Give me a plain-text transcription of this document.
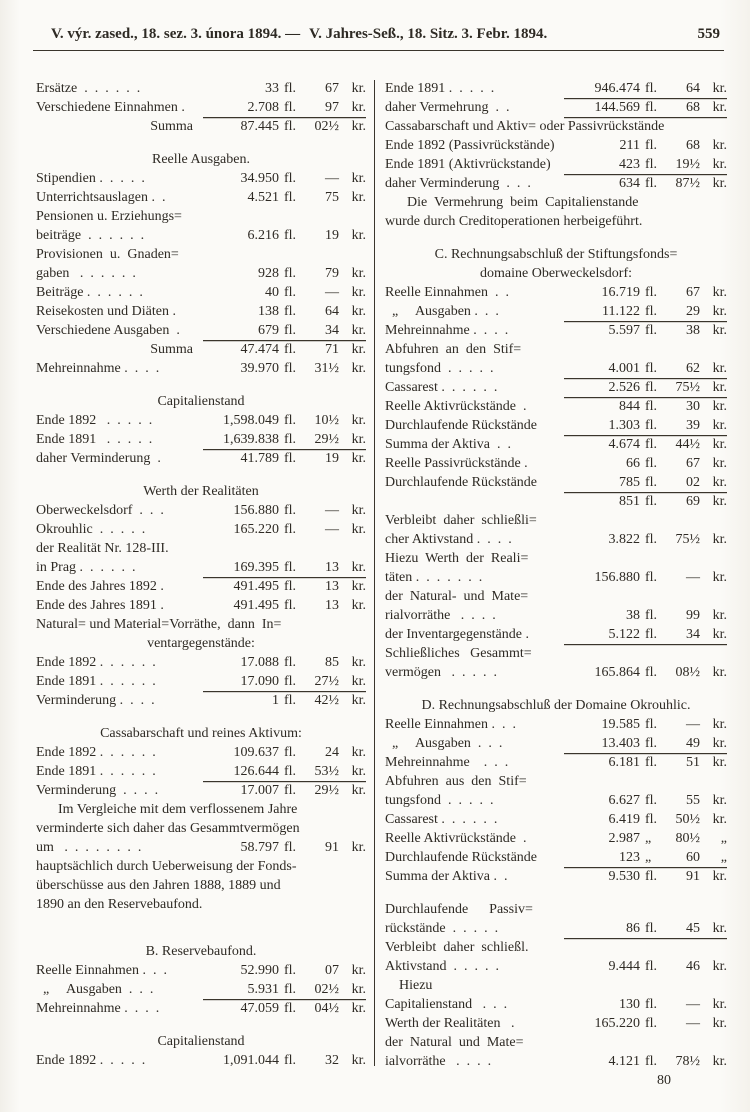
V. výr. zased., 18. sez. 3. února 1894. — V. Jahres-Seß., 18. Sitz. 3. Febr. 1894.	559
Ersätze  .  .  .  .  .  .	33 fl.	67 kr.
Verschiedene Einnahmen .	2.708 fl.	97 kr.
Summa	87.445 fl.	02½ kr.
Reelle Ausgaben.
Stipendien .  .  .  .  .	34.950 fl.	— kr.
Unterrichtsauslagen .  .	4.521 fl.	75 kr.
Pensionen u. Erziehungs=
beiträge  .  .  .  .  .  .	6.216 fl.	19 kr.
Provisionen  u.  Gnaden=
gaben   .  .  .  .  .  .	928 fl.	79 kr.
Beiträge .  .  .  .  .  .	40 fl.	— kr.
Reisekosten und Diäten .	138 fl.	64 kr.
Verschiedene Ausgaben  .	679 fl.	34 kr.
Summa	47.474 fl.	71 kr.
Mehreinnahme .  .  .  .	39.970 fl.	31½ kr.
Capitalienstand
Ende 1892   .  .  .  .  .	1,598.049 fl.	10½ kr.
Ende 1891   .  .  .  .  .	1,639.838 fl.	29½ kr.
daher Verminderung  .	41.789 fl.	19 kr.
Werth der Realitäten
Oberweckelsdorf  .  .  .	156.880 fl.	— kr.
Okrouhlic  .  .  .  .  .	165.220 fl.	— kr.
der Realität Nr. 128-III.
in Prag .  .  .  .  .  .	169.395 fl.	13 kr.
Ende des Jahres 1892 .	491.495 fl.	13 kr.
Ende des Jahres 1891 .	491.495 fl.	13 kr.
Natural= und Material=Vorräthe,  dann  In=
ventargegenstände:
Ende 1892 .  .  .  .  .  .	17.088 fl.	85 kr.
Ende 1891 .  .  .  .  .  .	17.090 fl.	27½ kr.
Verminderung .  .  .  .	1 fl.	42½ kr.
Cassabarschaft und reines Aktivum:
Ende 1892 .  .  .  .  .  .	109.637 fl.	24 kr.
Ende 1891 .  .  .  .  .  .	126.644 fl.	53½ kr.
Verminderung  .  .  .  .	17.007 fl.	29½ kr.
Im Vergleiche mit dem verflossenem Jahre
verminderte sich daher das Gesammtvermögen
um   .  .  .  .  .  .  .  .	58.797 fl.	91 kr.
hauptsächlich durch Ueberweisung der Fonds-
überschüsse aus den Jahren 1888, 1889 und
1890 an den Reservebaufond.
B. Reservebaufond.
Reelle Einnahmen .  .  .	52.990 fl.	07 kr.
„     Ausgaben  .  .  .	5.931 fl.	02½ kr.
Mehreinnahme .  .  .  .	47.059 fl.	04½ kr.
Capitalienstand
Ende 1892 .  .  .  .  .	1,091.044 fl.	32 kr.
Ende 1891 .  .  .  .  .	946.474 fl.	64 kr.
daher Vermehrung  .  .	144.569 fl.	68 kr.
Cassabarschaft und Aktiv= oder Passivrückstände
Ende 1892 (Passivrückstände)	211 fl.	68 kr.
Ende 1891 (Aktivrückstande)	423 fl.	19½ kr.
daher Verminderung  .  .  .	634 fl.	87½ kr.
Die  Vermehrung  beim  Capitalienstande
wurde durch Creditoperationen herbeigeführt.
C. Rechnungsabschluß der Stiftungsfonds=
domaine Oberweckelsdorf:
Reelle Einnahmen  .  .	16.719 fl.	67 kr.
„     Ausgaben .  .  .	11.122 fl.	29 kr.
Mehreinnahme .  .  .  .	5.597 fl.	38 kr.
Abfuhren  an  den  Stif=
tungsfond  .  .  .  .  .	4.001 fl.	62 kr.
Cassarest .  .  .  .  .  .	2.526 fl.	75½ kr.
Reelle Aktivrückstände  .	844 fl.	30 kr.
Durchlaufende Rückstände	1.303 fl.	39 kr.
Summa der Aktiva  .  .	4.674 fl.	44½ kr.
Reelle Passivrückstände .	66 fl.	67 kr.
Durchlaufende Rückstände	785 fl.	02 kr.
851 fl.	69 kr.
Verbleibt  daher  schließli=
cher Aktivstand .  .  .  .	3.822 fl.	75½ kr.
Hiezu  Werth  der  Reali=
täten .  .  .  .  .  .  .	156.880 fl.	— kr.
der  Natural-  und  Mate=
rialvorräthe   .  .  .  .	38 fl.	99 kr.
der Inventargegenstände .	5.122 fl.	34 kr.
Schließliches   Gesammt=
vermögen   .  .  .  .  .	165.864 fl.	08½ kr.
D. Rechnungsabschluß der Domaine Okrouhlic.
Reelle Einnahmen .  .  .	19.585 fl.	— kr.
„     Ausgaben  .  .  .	13.403 fl.	49 kr.
Mehreinnahme    .  .  .	6.181 fl.	51 kr.
Abfuhren  aus  den  Stif=
tungsfond  .  .  .  .  .	6.627 fl.	55 kr.
Cassarest .  .  .  .  .  .	6.419 fl.	50½ kr.
Reelle Aktivrückstände  .	2.987 „	80½	„
Durchlaufende Rückstände	123 „	60	„
Summa der Aktiva .  .	9.530 fl.	91 kr.
Durchlaufende      Passiv=
rückstände  .  .  .  .  .	86 fl.	45 kr.
Verbleibt  daher  schließl.
Aktivstand  .  .  .  .  .	9.444 fl.	46 kr.
Hiezu
Capitalienstand   .  .  .	130 fl.	— kr.
Werth der Realitäten   .	165.220 fl.	— kr.
der  Natural  und  Mate=
ialvorräthe   .  .  .  .	4.121 fl.	78½ kr.
80
